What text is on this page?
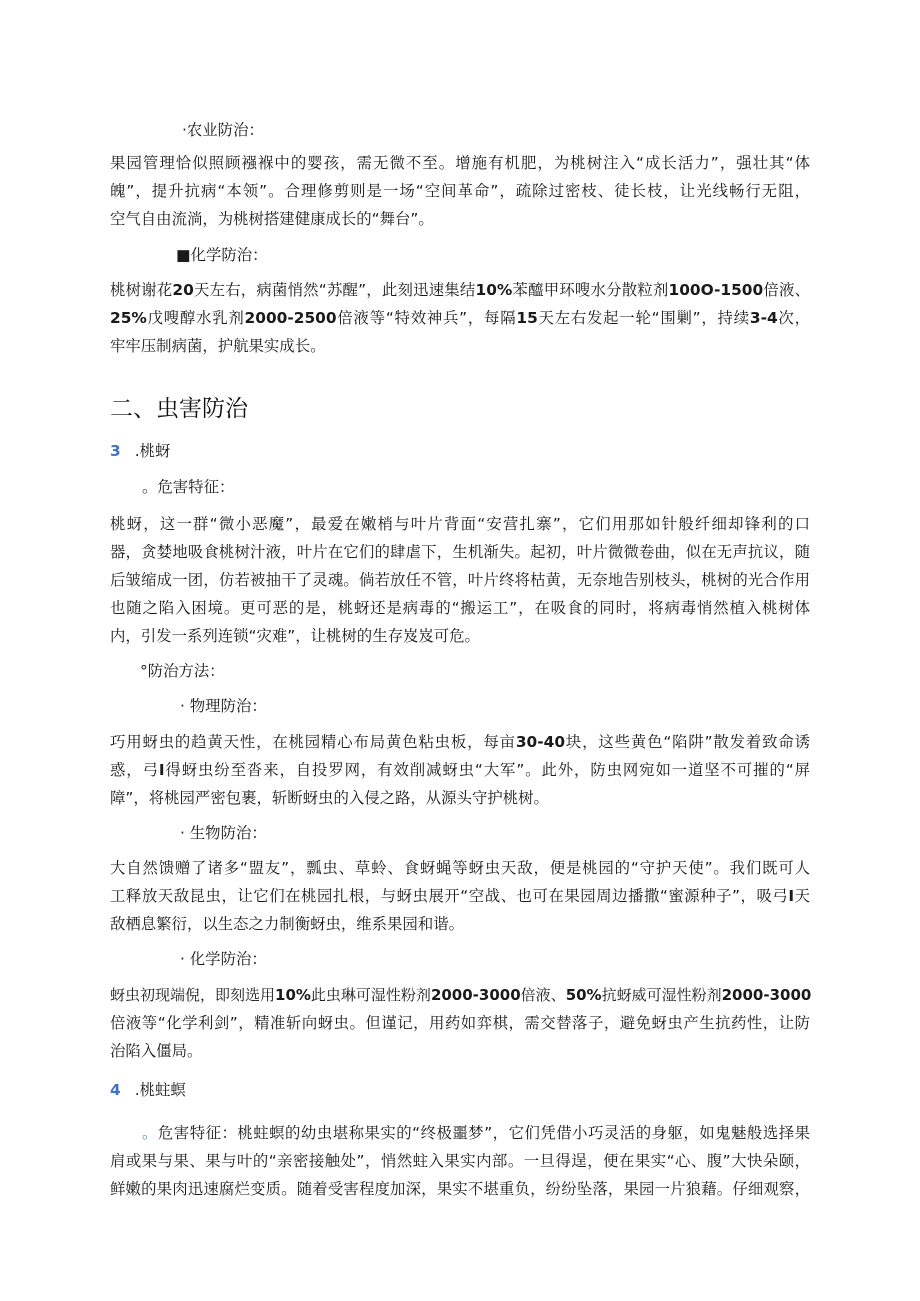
·农业防治：

果园管理恰似照顾襁褓中的婴孩，需无微不至。增施有机肥，为桃树注入“成长活力”，强壮其“体

魄”，提升抗病“本领”。合理修剪则是一场“空间革命”，疏除过密枝、徒长枝，让光线畅行无阻，

空气自由流淌，为桃树搭建健康成长的“舞台”。

■化学防治：

桃树谢花20天左右，病菌悄然“苏醒”，此刻迅速集结10%苯醯甲环嗖水分散粒剂100O-1500倍液、

25%戊嗖醇水乳剂2000-2500倍液等“特效神兵”，每隔15天左右发起一轮“围剿”，持续3-4次，

牢牢压制病菌，护航果实成长。

二、虫害防治

3 .桃蚜

。危害特征：

桃蚜，这一群“微小恶魔”，最爱在嫩梢与叶片背面“安营扎寨”，它们用那如针般纤细却锋利的口

器，贪婪地吸食桃树汁液，叶片在它们的肆虐下，生机渐失。起初，叶片微微卷曲，似在无声抗议，随

后皱缩成一团，仿若被抽干了灵魂。倘若放任不管，叶片终将枯黄，无奈地告别枝头，桃树的光合作用

也随之陷入困境。更可恶的是，桃蚜还是病毒的“搬运工”，在吸食的同时，将病毒悄然植入桃树体

内，引发一系列连锁“灾难”，让桃树的生存岌岌可危。

°防治方法：

· 物理防治：

巧用蚜虫的趋黄天性，在桃园精心布局黄色粘虫板，每亩30-40块，这些黄色“陷阱”散发着致命诱

惑，弓I得蚜虫纷至沓来，自投罗网，有效削减蚜虫“大军”。此外，防虫网宛如一道坚不可摧的“屏

障”，将桃园严密包裹，斩断蚜虫的入侵之路，从源头守护桃树。

· 生物防治：

大自然馈赠了诸多“盟友”，瓢虫、草蛉、食蚜蝇等蚜虫天敌，便是桃园的“守护天使”。我们既可人

工释放天敌昆虫，让它们在桃园扎根，与蚜虫展开“空战、也可在果园周边播撒“蜜源种子”，吸弓I天

敌栖息繁衍，以生态之力制衡蚜虫，维系果园和谐。

· 化学防治：

蚜虫初现端倪，即刻选用10%此虫琳可湿性粉剂2000-3000倍液、50%抗蚜威可湿性粉剂2000-3000

倍液等“化学利剑”，精准斩向蚜虫。但谨记，用药如弈棋，需交替落子，避免蚜虫产生抗药性，让防

治陷入僵局。

4 .桃蛀螟

。危害特征：桃蛀螟的幼虫堪称果实的“终极噩梦”，它们凭借小巧灵活的身躯，如鬼魅般选择果

肩或果与果、果与叶的“亲密接触处”，悄然蛀入果实内部。一旦得逞，便在果实“心、腹”大快朵颐，

鲜嫩的果肉迅速腐烂变质。随着受害程度加深，果实不堪重负，纷纷坠落，果园一片狼藉。仔细观察，
